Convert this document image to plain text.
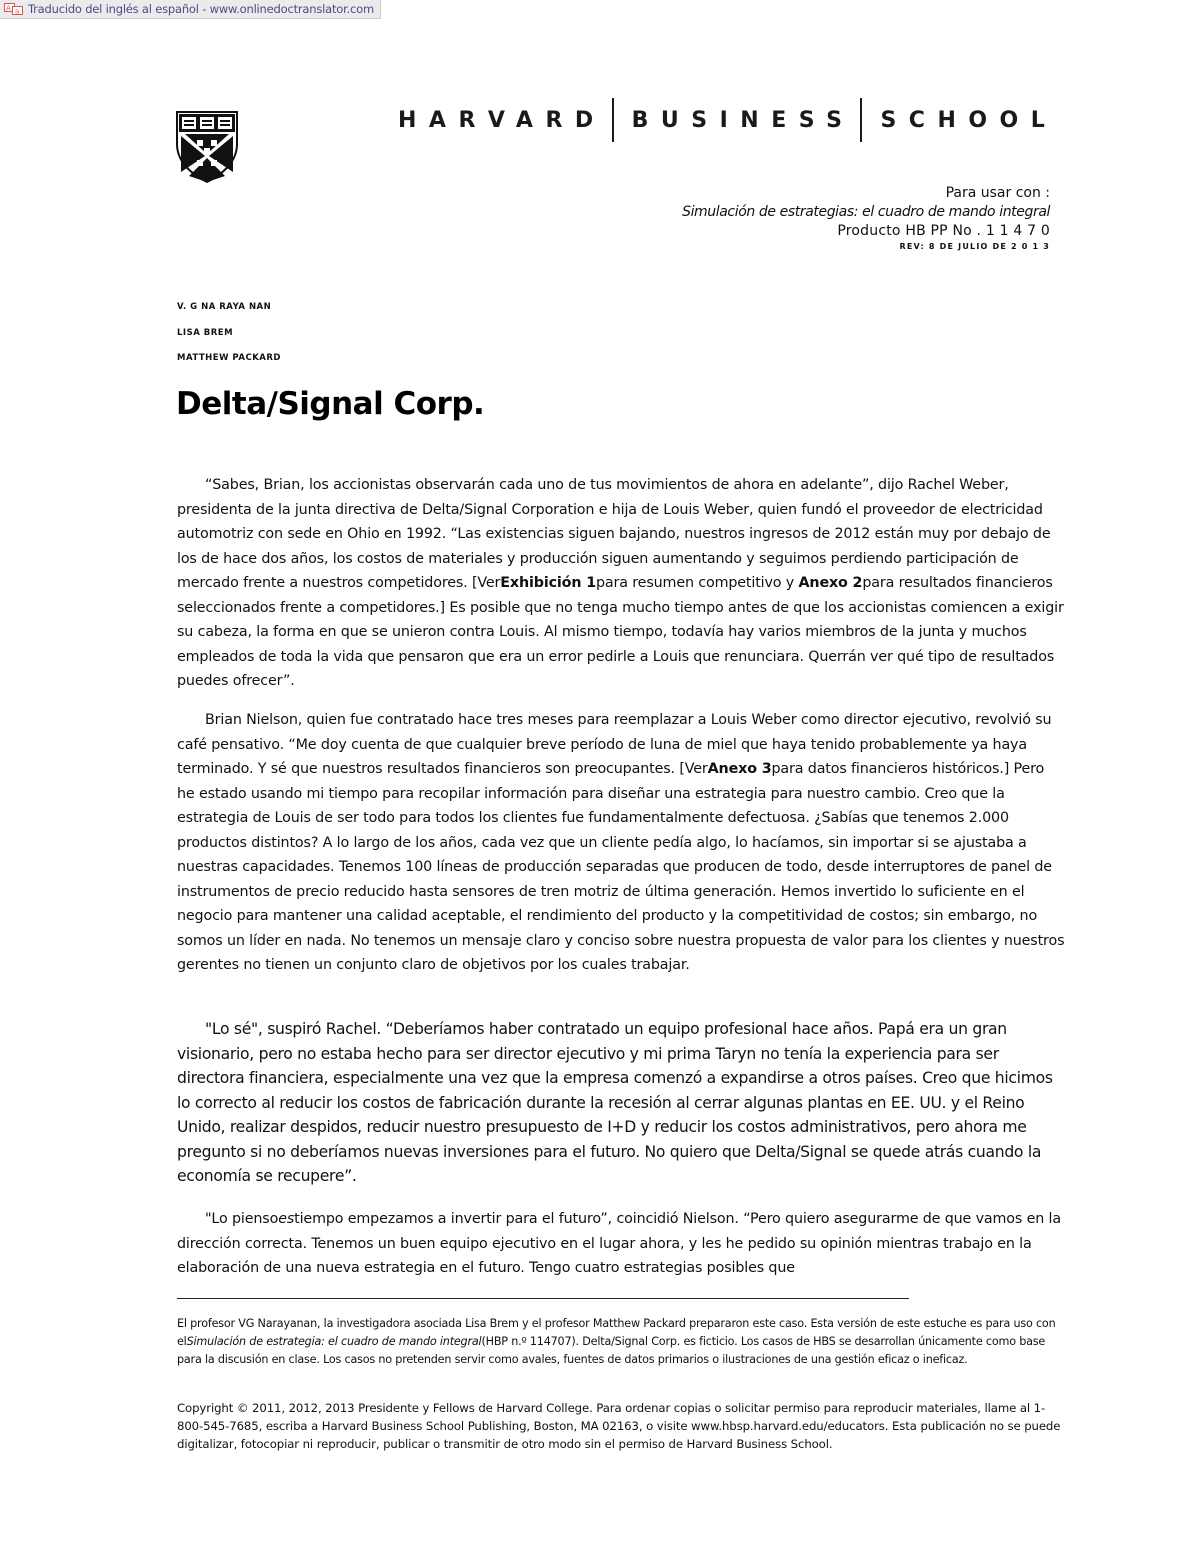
A a Traducido del inglés al español - www.onlinedoctranslator.com
HARVARD BUSINESS SCHOOL
Para usar con :
Simulación de estrategias: el cuadro de mando integral
Producto HB PP No . 1 1 4 7 0
REV: 8 DE JULIO DE 2 0 1 3
V. G NA RAYA NAN
LISA BREM
MATTHEW PACKARD
Delta/Signal Corp.

“Sabes, Brian, los accionistas observarán cada uno de tus movimientos de ahora en adelante”, dijo Rachel Weber, presidenta de la junta directiva de Delta/Signal Corporation e hija de Louis Weber, quien fundó el proveedor de electricidad automotriz con sede en Ohio en 1992. “Las existencias siguen bajando, nuestros ingresos de 2012 están muy por debajo de los de hace dos años, los costos de materiales y producción siguen aumentando y seguimos perdiendo participación de mercado frente a nuestros competidores. [VerExhibición 1para resumen competitivo y Anexo 2para resultados financieros seleccionados frente a competidores.] Es posible que no tenga mucho tiempo antes de que los accionistas comiencen a exigir su cabeza, la forma en que se unieron contra Louis. Al mismo tiempo, todavía hay varios miembros de la junta y muchos empleados de toda la vida que pensaron que era un error pedirle a Louis que renunciara. Querrán ver qué tipo de resultados puedes ofrecer”.

Brian Nielson, quien fue contratado hace tres meses para reemplazar a Louis Weber como director ejecutivo, revolvió su café pensativo. “Me doy cuenta de que cualquier breve período de luna de miel que haya tenido probablemente ya haya terminado. Y sé que nuestros resultados financieros son preocupantes. [VerAnexo 3para datos financieros históricos.] Pero he estado usando mi tiempo para recopilar información para diseñar una estrategia para nuestro cambio. Creo que la estrategia de Louis de ser todo para todos los clientes fue fundamentalmente defectuosa. ¿Sabías que tenemos 2.000 productos distintos? A lo largo de los años, cada vez que un cliente pedía algo, lo hacíamos, sin importar si se ajustaba a nuestras capacidades. Tenemos 100 líneas de producción separadas que producen de todo, desde interruptores de panel de instrumentos de precio reducido hasta sensores de tren motriz de última generación. Hemos invertido lo suficiente en el negocio para mantener una calidad aceptable, el rendimiento del producto y la competitividad de costos; sin embargo, no somos un líder en nada. No tenemos un mensaje claro y conciso sobre nuestra propuesta de valor para los clientes y nuestros gerentes no tienen un conjunto claro de objetivos por los cuales trabajar.

"Lo sé", suspiró Rachel. “Deberíamos haber contratado un equipo profesional hace años. Papá era un gran visionario, pero no estaba hecho para ser director ejecutivo y mi prima Taryn no tenía la experiencia para ser directora financiera, especialmente una vez que la empresa comenzó a expandirse a otros países. Creo que hicimos lo correcto al reducir los costos de fabricación durante la recesión al cerrar algunas plantas en EE. UU. y el Reino Unido, realizar despidos, reducir nuestro presupuesto de I+D y reducir los costos administrativos, pero ahora me pregunto si no deberíamos nuevas inversiones para el futuro. No quiero que Delta/Signal se quede atrás cuando la economía se recupere”.

"Lo piensoestiempo empezamos a invertir para el futuro”, coincidió Nielson. “Pero quiero asegurarme de que vamos en la dirección correcta. Tenemos un buen equipo ejecutivo en el lugar ahora, y les he pedido su opinión mientras trabajo en la elaboración de una nueva estrategia en el futuro. Tengo cuatro estrategias posibles que

El profesor VG Narayanan, la investigadora asociada Lisa Brem y el profesor Matthew Packard prepararon este caso. Esta versión de este estuche es para uso con elSimulación de estrategia: el cuadro de mando integral(HBP n.º 114707). Delta/Signal Corp. es ficticio. Los casos de HBS se desarrollan únicamente como base para la discusión en clase. Los casos no pretenden servir como avales, fuentes de datos primarios o ilustraciones de una gestión eficaz o ineficaz.

Copyright © 2011, 2012, 2013 Presidente y Fellows de Harvard College. Para ordenar copias o solicitar permiso para reproducir materiales, llame al 1-800-545-7685, escriba a Harvard Business School Publishing, Boston, MA 02163, o visite www.hbsp.harvard.edu/educators. Esta publicación no se puede digitalizar, fotocopiar ni reproducir, publicar o transmitir de otro modo sin el permiso de Harvard Business School.
